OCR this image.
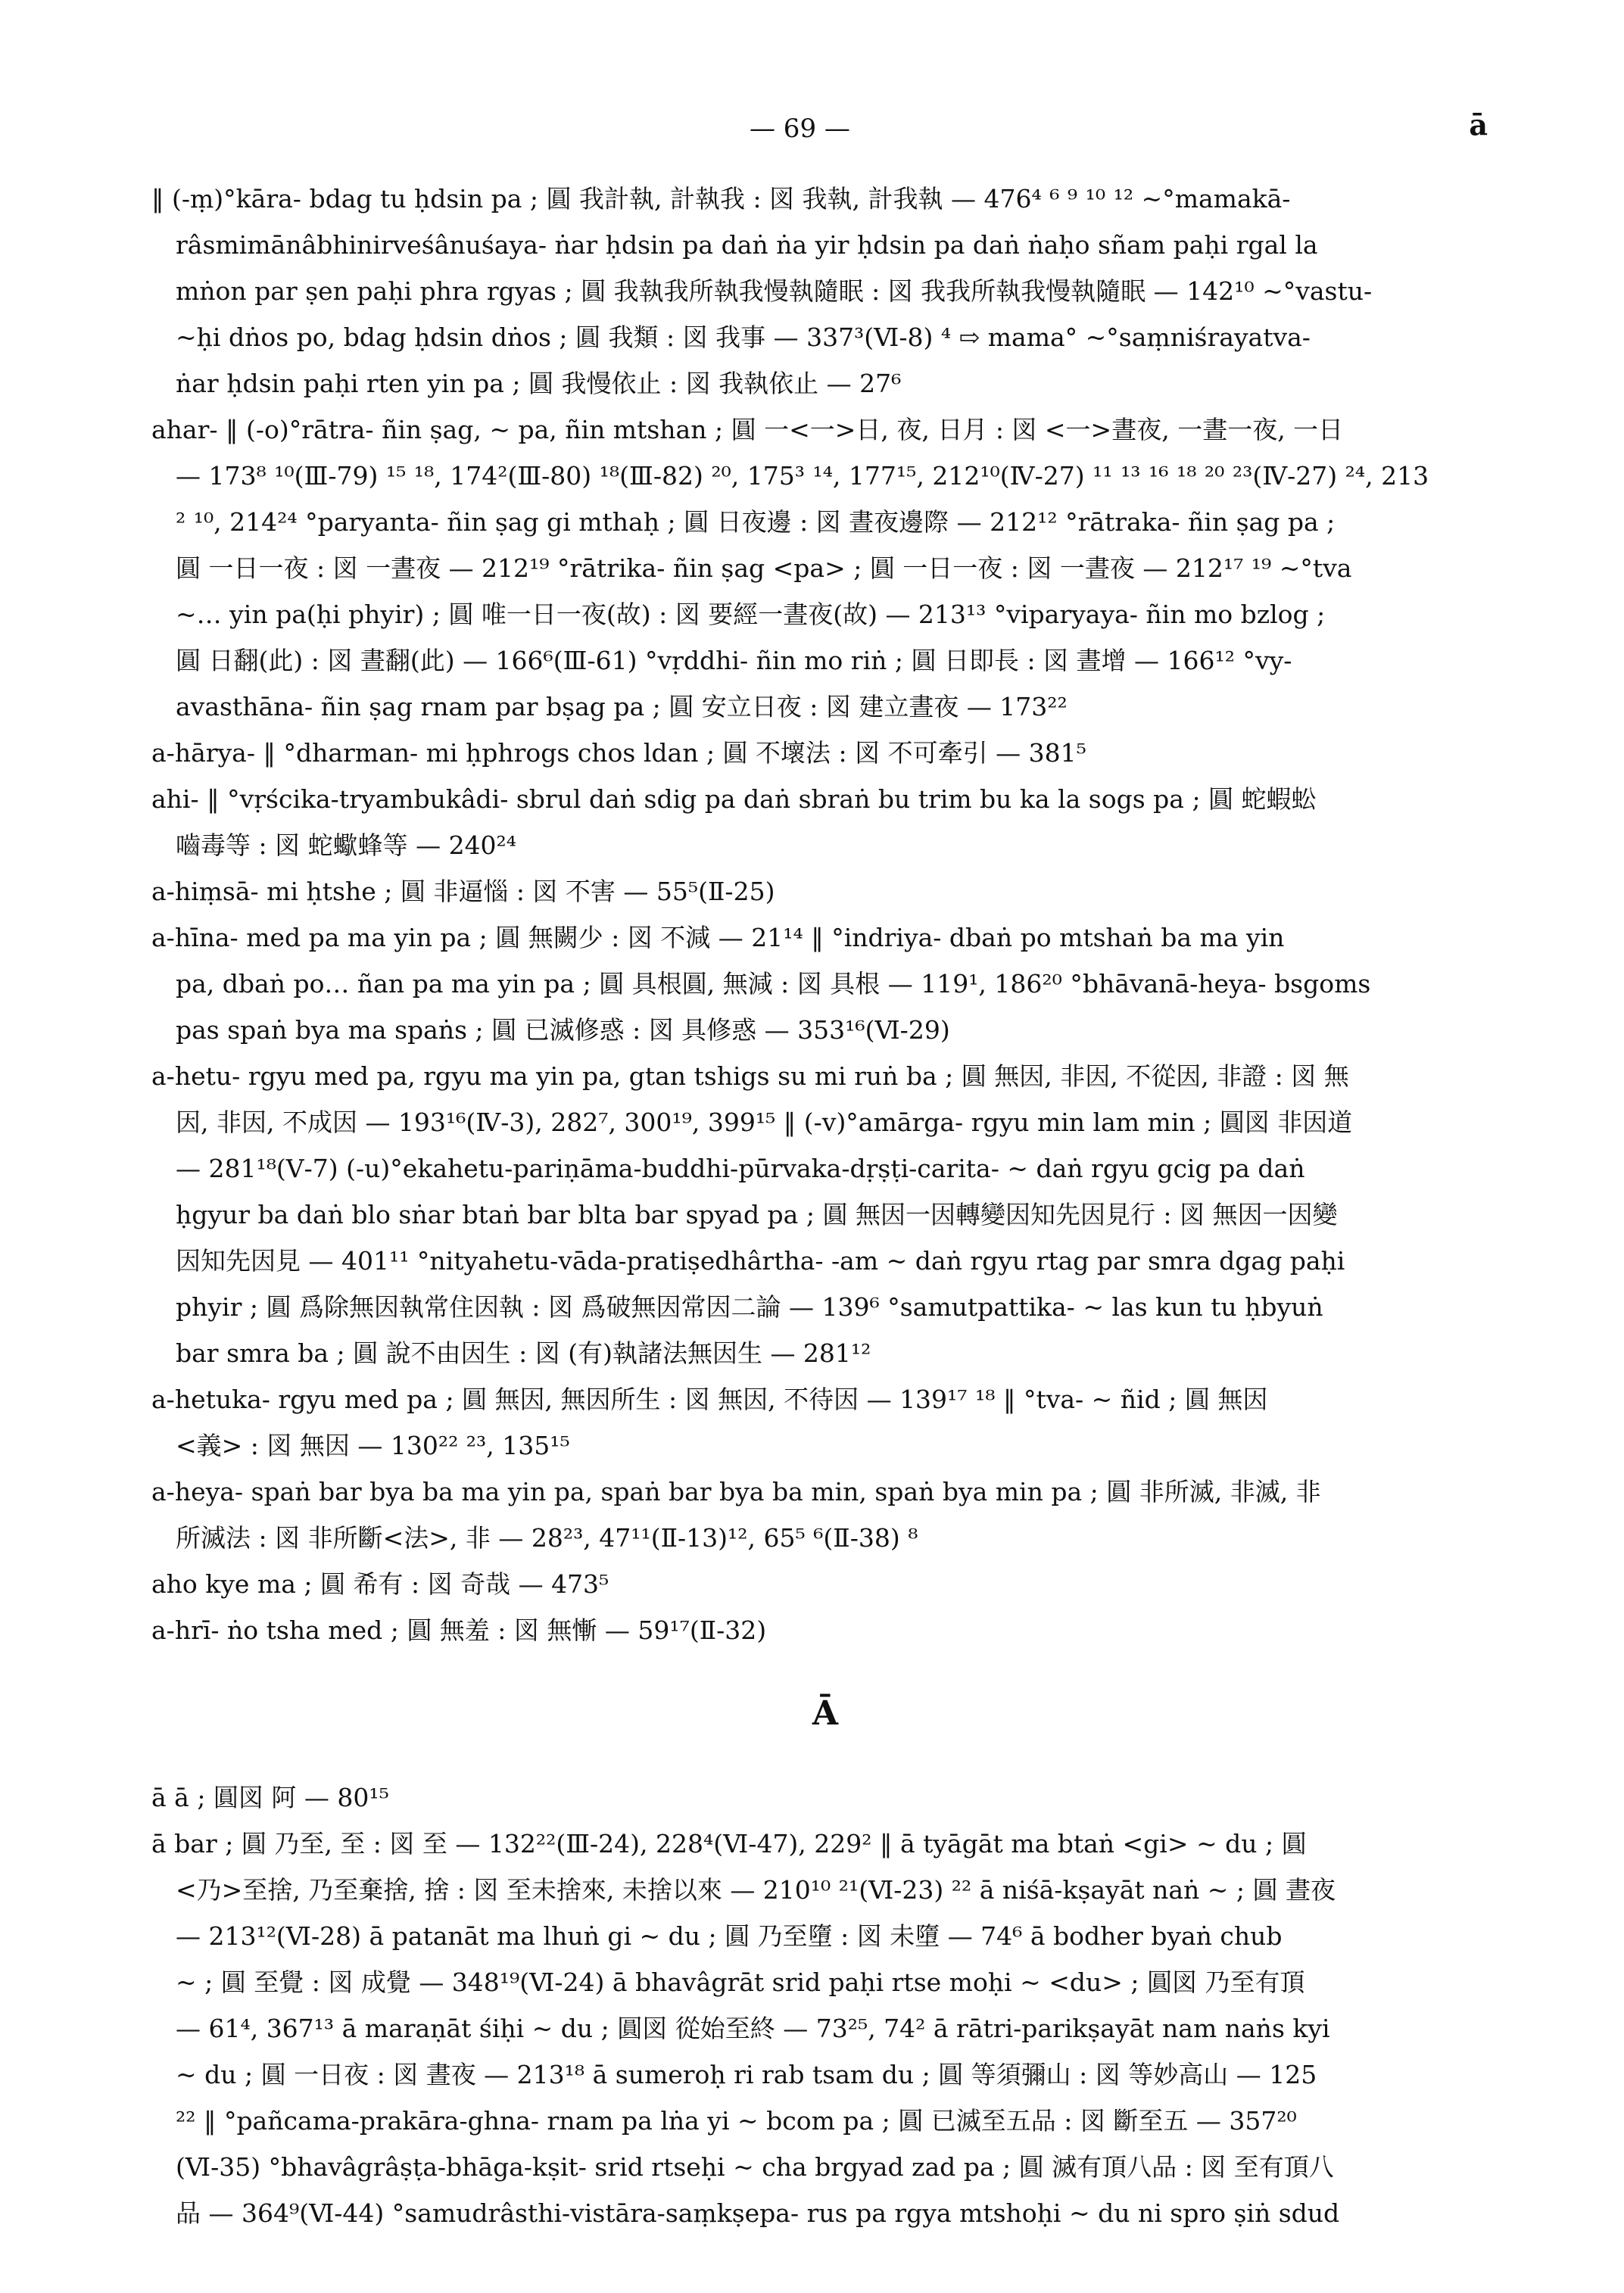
— 69 —	ā
‖ (-ṃ)°kāra- bdag tu ḥdsin pa ; 圓 我計執, 計執我 : 図 我執, 計我執 — 476⁴ ⁶ ⁹ ¹⁰ ¹² ~°mamakā-
râsmimānâbhinirveśânuśaya- ṅar ḥdsin pa daṅ ṅa yir ḥdsin pa daṅ ṅaḥo sñam paḥi rgal la
mṅon par ṣen paḥi phra rgyas ; 圓 我執我所執我慢執隨眠 : 図 我我所執我慢執隨眠 — 142¹⁰ ~°vastu-
~ḥi dṅos po, bdag ḥdsin dṅos ; 圓 我類 : 図 我事 — 337³(Ⅵ-8) ⁴ ⇨ mama° ~°saṃniśrayatva-
ṅar ḥdsin paḥi rten yin pa ; 圓 我慢依止 : 図 我執依止 — 27⁶
ahar- ‖ (-o)°rātra- ñin ṣag, ~ pa, ñin mtshan ; 圓 一<一>日, 夜, 日月 : 図 <一>晝夜, 一晝一夜, 一日
— 173⁸ ¹⁰(Ⅲ-79) ¹⁵ ¹⁸, 174²(Ⅲ-80) ¹⁸(Ⅲ-82) ²⁰, 175³ ¹⁴, 177¹⁵, 212¹⁰(Ⅳ-27) ¹¹ ¹³ ¹⁶ ¹⁸ ²⁰ ²³(Ⅳ-27) ²⁴, 213
² ¹⁰, 214²⁴ °paryanta- ñin ṣag gi mthaḥ ; 圓 日夜邊 : 図 晝夜邊際 — 212¹² °rātraka- ñin ṣag pa ;
圓 一日一夜 : 図 一晝夜 — 212¹⁹ °rātrika- ñin ṣag <pa> ; 圓 一日一夜 : 図 一晝夜 — 212¹⁷ ¹⁹ ~°tva
~… yin pa(ḥi phyir) ; 圓 唯一日一夜(故) : 図 要經一晝夜(故) — 213¹³ °viparyaya- ñin mo bzlog ;
圓 日翻(此) : 図 晝翻(此) — 166⁶(Ⅲ-61) °vṛddhi- ñin mo riṅ ; 圓 日即長 : 図 晝增 — 166¹² °vy-
avasthāna- ñin ṣag rnam par bṣag pa ; 圓 安立日夜 : 図 建立晝夜 — 173²²
a-hārya- ‖ °dharman- mi ḥphrogs chos ldan ; 圓 不壞法 : 図 不可牽引 — 381⁵
ahi- ‖ °vṛścika-tryambukâdi- sbrul daṅ sdig pa daṅ sbraṅ bu trim bu ka la sogs pa ; 圓 蛇蝦蚣
嚙毒等 : 図 蛇蠍蜂等 — 240²⁴
a-hiṃsā- mi ḥtshe ; 圓 非逼惱 : 図 不害 — 55⁵(Ⅱ-25)
a-hīna- med pa ma yin pa ; 圓 無闕少 : 図 不減 — 21¹⁴ ‖ °indriya- dbaṅ po mtshaṅ ba ma yin
pa, dbaṅ po… ñan pa ma yin pa ; 圓 具根圓, 無減 : 図 具根 — 119¹, 186²⁰ °bhāvanā-heya- bsgoms
pas spaṅ bya ma spaṅs ; 圓 已滅修惑 : 図 具修惑 — 353¹⁶(Ⅵ-29)
a-hetu- rgyu med pa, rgyu ma yin pa, gtan tshigs su mi ruṅ ba ; 圓 無因, 非因, 不從因, 非證 : 図 無
因, 非因, 不成因 — 193¹⁶(Ⅳ-3), 282⁷, 300¹⁹, 399¹⁵ ‖ (-v)°amārga- rgyu min lam min ; 圓図 非因道
— 281¹⁸(Ⅴ-7) (-u)°ekahetu-pariṇāma-buddhi-pūrvaka-dṛṣṭi-carita- ~ daṅ rgyu gcig pa daṅ
ḥgyur ba daṅ blo sṅar btaṅ bar blta bar spyad pa ; 圓 無因一因轉變因知先因見行 : 図 無因一因變
因知先因見 — 401¹¹ °nityahetu-vāda-pratiṣedhârtha- -am ~ daṅ rgyu rtag par smra dgag paḥi
phyir ; 圓 爲除無因執常住因執 : 図 爲破無因常因二論 — 139⁶ °samutpattika- ~ las kun tu ḥbyuṅ
bar smra ba ; 圓 說不由因生 : 図 (有)執諸法無因生 — 281¹²
a-hetuka- rgyu med pa ; 圓 無因, 無因所生 : 図 無因, 不待因 — 139¹⁷ ¹⁸ ‖ °tva- ~ ñid ; 圓 無因
<義> : 図 無因 — 130²² ²³, 135¹⁵
a-heya- spaṅ bar bya ba ma yin pa, spaṅ bar bya ba min, spaṅ bya min pa ; 圓 非所滅, 非滅, 非
所滅法 : 図 非所斷<法>, 非 — 28²³, 47¹¹(Ⅱ-13)¹², 65⁵ ⁶(Ⅱ-38) ⁸
aho kye ma ; 圓 希有 : 図 奇哉 — 473⁵
a-hrī- ṅo tsha med ; 圓 無羞 : 図 無慚 — 59¹⁷(Ⅱ-32)
Ā
ā ā ; 圓図 阿 — 80¹⁵
ā bar ; 圓 乃至, 至 : 図 至 — 132²²(Ⅲ-24), 228⁴(Ⅵ-47), 229² ‖ ā tyāgāt ma btaṅ <gi> ~ du ; 圓
<乃>至捨, 乃至棄捨, 捨 : 図 至未捨來, 未捨以來 — 210¹⁰ ²¹(Ⅵ-23) ²² ā niśā-kṣayāt naṅ ~ ; 圓 晝夜
— 213¹²(Ⅵ-28) ā patanāt ma lhuṅ gi ~ du ; 圓 乃至墮 : 図 未墮 — 74⁶ ā bodher byaṅ chub
~ ; 圓 至覺 : 図 成覺 — 348¹⁹(Ⅵ-24) ā bhavâgrāt srid paḥi rtse moḥi ~ <du> ; 圓図 乃至有頂
— 61⁴, 367¹³ ā maraṇāt śiḥi ~ du ; 圓図 從始至終 — 73²⁵, 74² ā rātri-parikṣayāt nam naṅs kyi
~ du ; 圓 一日夜 : 図 晝夜 — 213¹⁸ ā sumeroḥ ri rab tsam du ; 圓 等須彌山 : 図 等妙高山 — 125
²² ‖ °pañcama-prakāra-ghna- rnam pa lṅa yi ~ bcom pa ; 圓 已滅至五品 : 図 斷至五 — 357²⁰
(Ⅵ-35) °bhavâgrâṣṭa-bhāga-kṣit- srid rtseḥi ~ cha brgyad zad pa ; 圓 滅有頂八品 : 図 至有頂八
品 — 364⁹(Ⅵ-44) °samudrâsthi-vistāra-saṃkṣepa- rus pa rgya mtshoḥi ~ du ni spro ṣiṅ sdud
